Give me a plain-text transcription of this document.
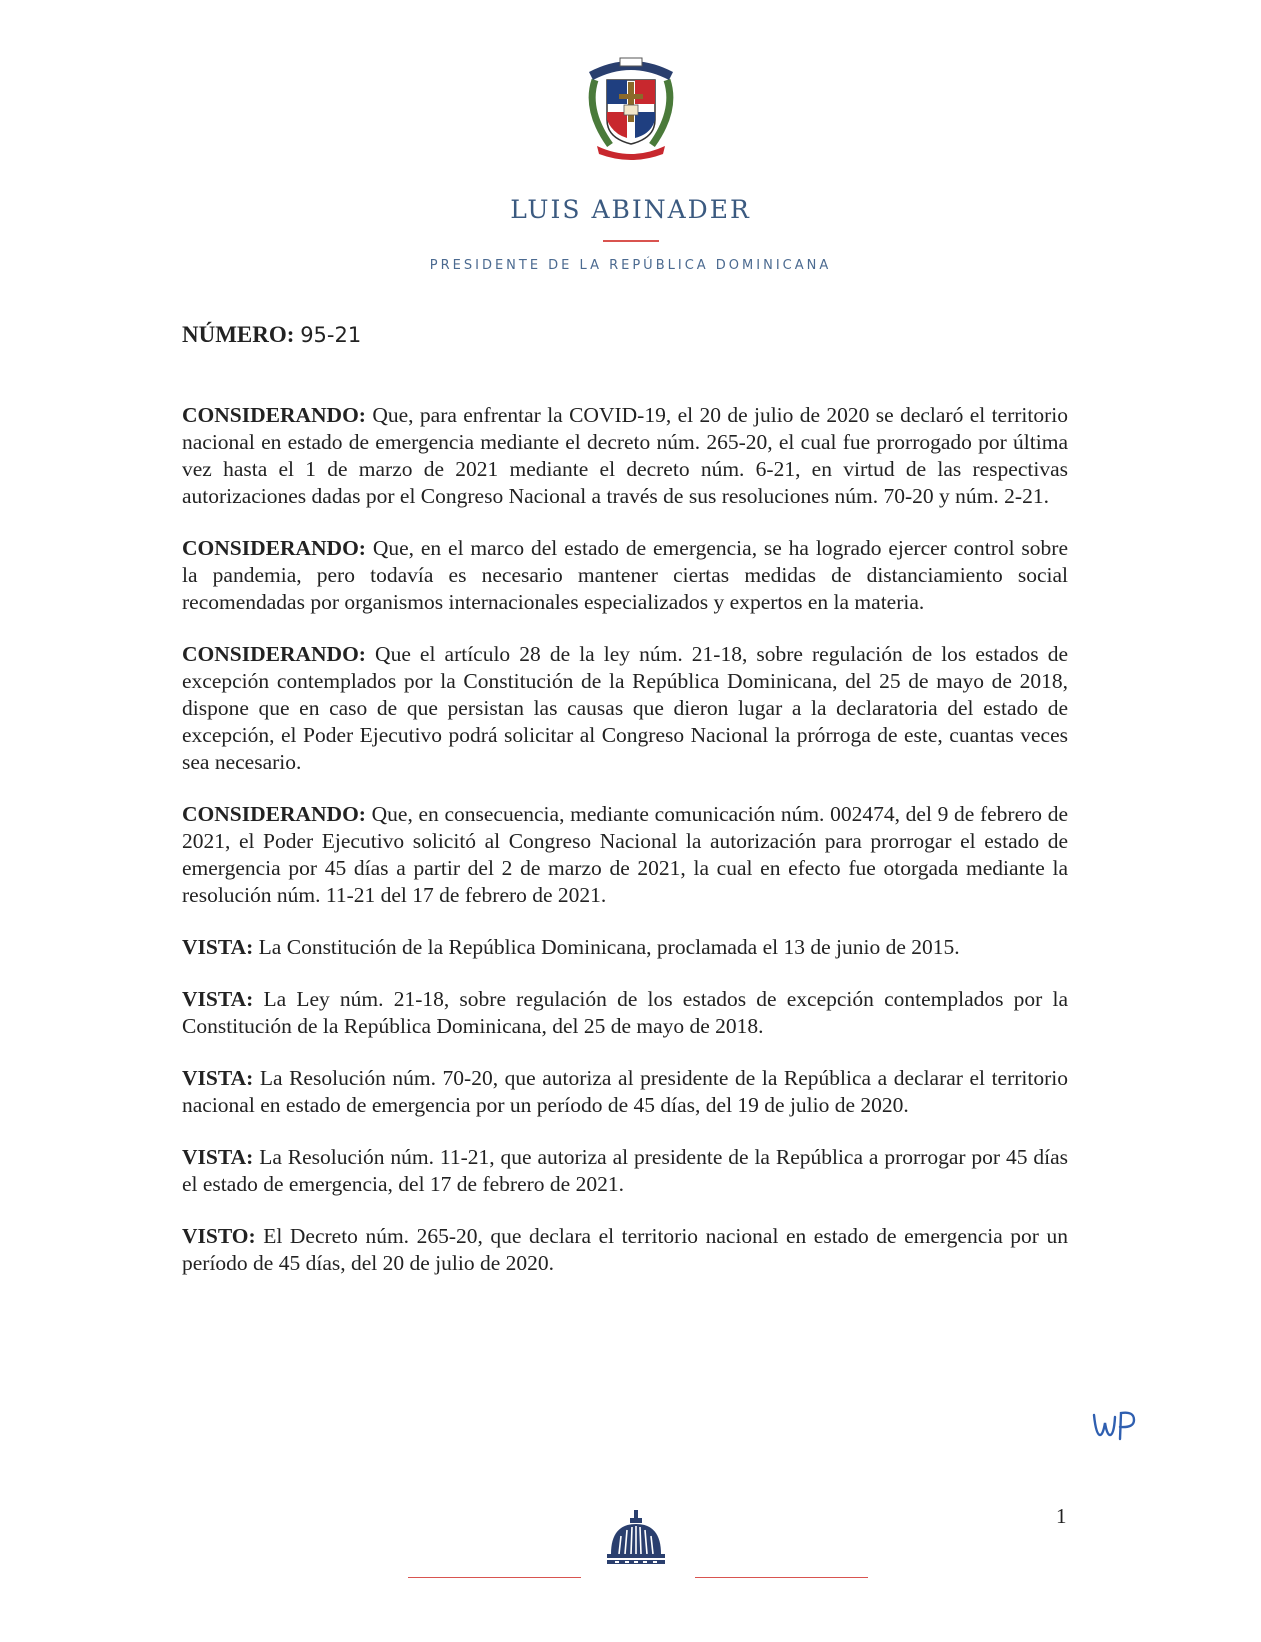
LUIS ABINADER
PRESIDENTE DE LA REPÚBLICA DOMINICANA
NÚMERO: 95-21

CONSIDERANDO: Que, para enfrentar la COVID-19, el 20 de julio de 2020 se declaró el territorio nacional en estado de emergencia mediante el decreto núm. 265-20, el cual fue prorrogado por última vez hasta el 1 de marzo de 2021 mediante el decreto núm. 6-21, en virtud de las respectivas autorizaciones dadas por el Congreso Nacional a través de sus resoluciones núm. 70-20 y núm. 2-21.

CONSIDERANDO: Que, en el marco del estado de emergencia, se ha logrado ejercer control sobre la pandemia, pero todavía es necesario mantener ciertas medidas de distanciamiento social recomendadas por organismos internacionales especializados y expertos en la materia.

CONSIDERANDO: Que el artículo 28 de la ley núm. 21-18, sobre regulación de los estados de excepción contemplados por la Constitución de la República Dominicana, del 25 de mayo de 2018, dispone que en caso de que persistan las causas que dieron lugar a la declaratoria del estado de excepción, el Poder Ejecutivo podrá solicitar al Congreso Nacional la prórroga de este, cuantas veces sea necesario.

CONSIDERANDO: Que, en consecuencia, mediante comunicación núm. 002474, del 9 de febrero de 2021, el Poder Ejecutivo solicitó al Congreso Nacional la autorización para prorrogar el estado de emergencia por 45 días a partir del 2 de marzo de 2021, la cual en efecto fue otorgada mediante la resolución núm. 11-21 del 17 de febrero de 2021.

VISTA: La Constitución de la República Dominicana, proclamada el 13 de junio de 2015.

VISTA: La Ley núm. 21-18, sobre regulación de los estados de excepción contemplados por la Constitución de la República Dominicana, del 25 de mayo de 2018.

VISTA: La Resolución núm. 70-20, que autoriza al presidente de la República a declarar el territorio nacional en estado de emergencia por un período de 45 días, del 19 de julio de 2020.

VISTA: La Resolución núm. 11-21, que autoriza al presidente de la República a prorrogar por 45 días el estado de emergencia, del 17 de febrero de 2021.

VISTO: El Decreto núm. 265-20, que declara el territorio nacional en estado de emergencia por un período de 45 días, del 20 de julio de 2020.

1
